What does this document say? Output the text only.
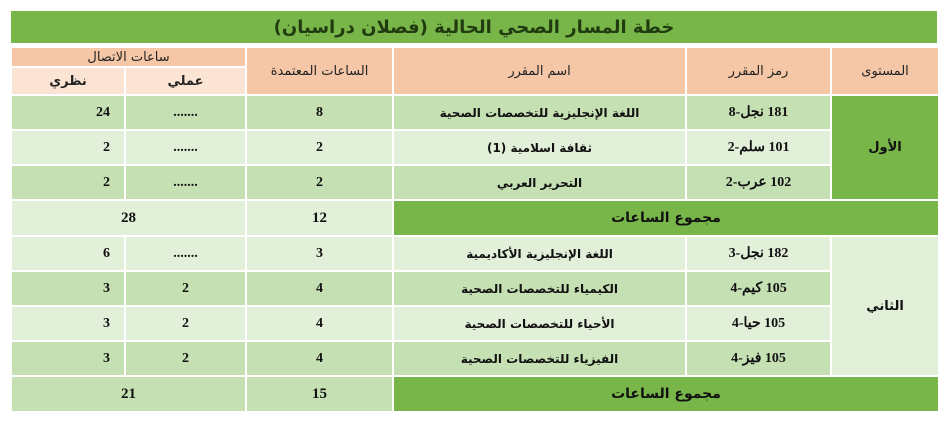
خطة المسار الصحي الحالية (فصلان دراسيان)
ساعات الاتصال		الساعات المعتمدة	اسم المقرر	رمز المقرر	المستوى
نظري	عملي				
24	.......	8	اللغة الإنجليزية للتخصصات الصحية	181 نجل-8	الأول
2	.......	2	ثقافة اسلامية (1)	101 سلم-2	
2	.......	2	التحرير العربي	102 عرب-2	
28		12	مجموع الساعات		
6	.......	3	اللغة الإنجليزية الأكاديمية	182 نجل-3	الثاني
3	2	4	الكيمياء للتخصصات الصحية	105 كيم-4	
3	2	4	الأحياء للتخصصات الصحية	105 حيا-4	
3	2	4	الفيزياء للتخصصات الصحية	105 فيز-4	
21		15	مجموع الساعات		
